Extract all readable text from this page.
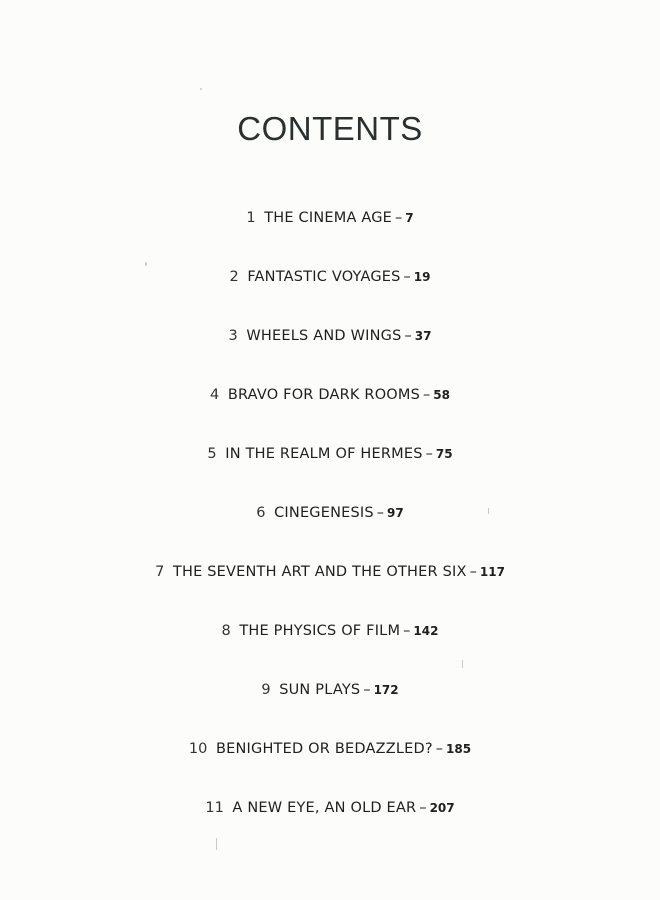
CONTENTS
1 THE CINEMA AGE – 7
2 FANTASTIC VOYAGES – 19
3 WHEELS AND WINGS – 37
4 BRAVO FOR DARK ROOMS – 58
5 IN THE REALM OF HERMES – 75
6 CINEGENESIS – 97
7 THE SEVENTH ART AND THE OTHER SIX – 117
8 THE PHYSICS OF FILM – 142
9 SUN PLAYS – 172
10 BENIGHTED OR BEDAZZLED? – 185
11 A NEW EYE, AN OLD EAR – 207
